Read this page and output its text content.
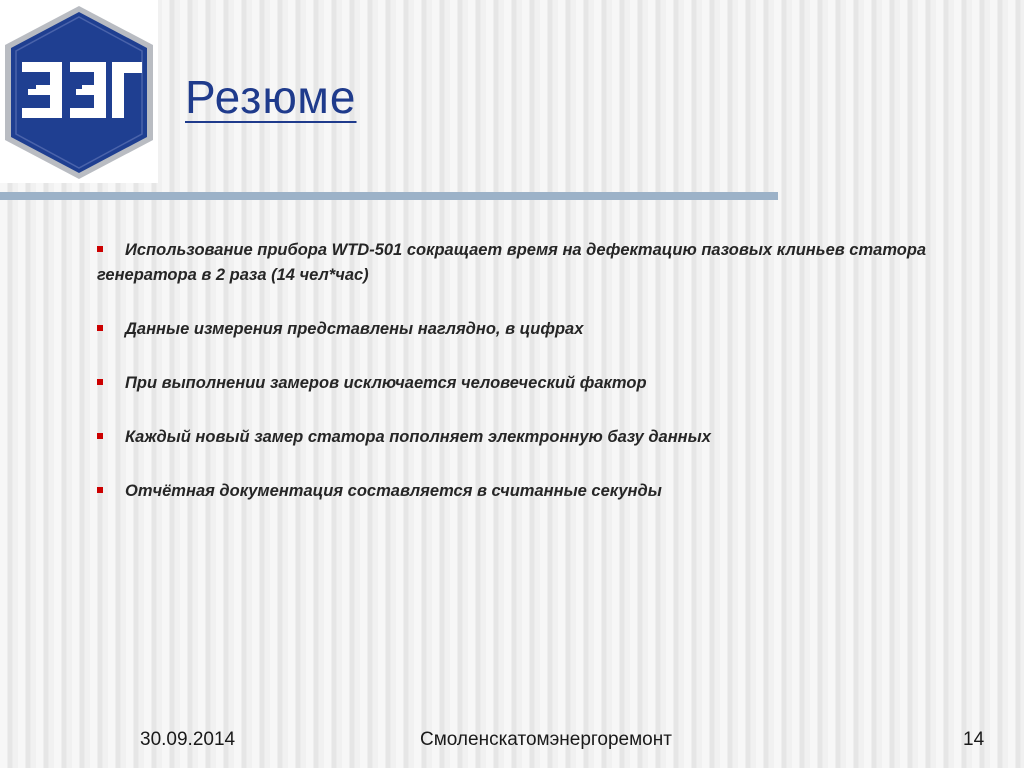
Резюме
Использование прибора WTD-501 сокращает время на дефектацию пазовых клиньев статора генератора в 2 раза (14 чел*час)
Данные измерения представлены наглядно, в цифрах
При выполнении замеров исключается человеческий фактор
Каждый новый замер статора пополняет электронную базу данных
Отчётная документация составляется в считанные секунды
30.09.2014	Смоленскатомэнергоремонт	14
